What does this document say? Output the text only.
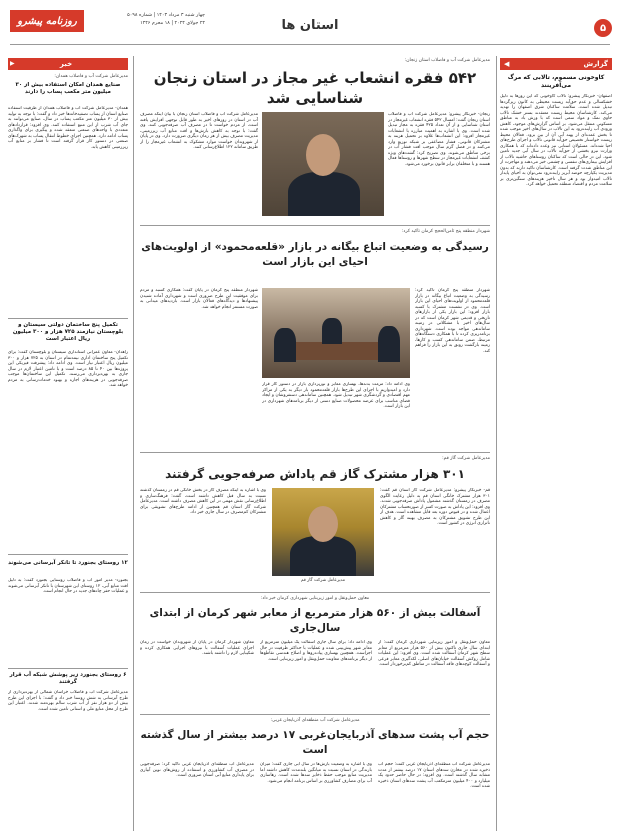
۵
استان ها
روزنامه پیشرو	چهار شنبه ۳ مرداد ۱۴۰۳ | شماره ۵۰۹۸
۲۴ جولای ۲۰۲۴ | ۱۸ محرم ۱۴۴۶
گزارش
◀
کاوخونی مسموم، تالابی که مرگ می‌آفرینند
اصفهان- خبرنگار پیشرو: تالاب گاوخونی که این روزها به دلیل خشکسالی و عدم حق‌آبه زیست محیطی به کانون ریزگردها تبدیل شده است، سلامت ساکنان شرق اصفهان را تهدید می‌کند. کارشناسان محیط زیست معتقدند بستر خشک تالاب حاوی نمک و مواد سمی است که با وزش باد به مناطق مسکونی منتقل می‌شود. بر اساس گزارش‌های موجود، کاهش ورودی آب زاینده‌رود به این تالاب در سال‌های اخیر موجب شده تا بخش عمده‌ای از پهنه آبی آن از بین برود. فعالان محیط زیست خواستار تخصیص حق‌آبه قانونی تالاب و اجرای طرح‌های احیا شده‌اند. مسئولان استانی نیز وعده داده‌اند که با همکاری وزارت نیرو بخشی از حق‌آبه تالاب در سال آبی جدید تامین شود. این در حالی است که ساکنان روستاهای حاشیه تالاب از افزایش بیماری‌های تنفسی و چشمی خبر می‌دهند و مهاجرت از این مناطق شدت گرفته است. کارشناسان تاکید دارند که بدون مدیریت یکپارچه حوضه آبریز زاینده‌رود نمی‌توان به احیای پایدار تالاب امیدوار بود و هر سال تاخیر هزینه‌های سنگین‌تری بر سلامت مردم و اقتصاد منطقه تحمیل خواهد کرد.
خبر
▶
مدیرعامل شرکت آب و فاضلاب همدان:
صنایع همدان امکان استفاده بیش از ۳۰ میلیون متر مکعب پساب را دارند
همدان- مدیرعامل شرکت آب و فاضلاب همدان از ظرفیت استفاده صنایع استان از پساب تصفیه‌خانه‌ها خبر داد و گفت: با توجه به تولید بیش از ۳۰ میلیون متر مکعب پساب در سال، صنایع می‌توانند به جای آب شرب از این منبع استفاده کنند. وی افزود: قراردادهای متعددی با واحدهای صنعتی منعقد شده و پیگیری برای واگذاری پساب ادامه دارد. همچنین اجرای خطوط انتقال پساب به شهرک‌های صنعتی در دستور کار قرار گرفته است تا فشار بر منابع آب زیرزمینی کاهش یابد.
تکمیل پنج ساختمان دولتی سیستان و بلوچستان نیازمند ۷۲۵ هزار و ۳۰۰ میلیون ریال اعتبار است
زاهدان- معاون عمرانی استانداری سیستان و بلوچستان گفت: برای تکمیل پنج ساختمان اداری نیمه‌تمام در استان به ۷۲۵ هزار و ۳۰۰ میلیون ریال اعتبار نیاز است. وی ادامه داد: پیشرفت فیزیکی این پروژه‌ها بین ۴۰ تا ۸۵ درصد است و با تامین اعتبار لازم در سال جاری به بهره‌برداری می‌رسند. تکمیل این ساختمان‌ها موجب صرفه‌جویی در هزینه‌های اجاره و بهبود خدمات‌رسانی به مردم خواهد شد.
۱۲ روستای بجنورد تا تانکر آبرسانی می‌شوند
بجنورد- مدیر امور آب و فاضلاب روستایی بجنورد گفت: به دلیل افت منابع آبی، ۱۲ روستای این شهرستان با تانکر آبرسانی می‌شوند و عملیات حفر چاه‌های جدید در حال انجام است.
۶ روستای بجنورد زیر پوشش شبکه آب قرار گرفتند
مدیرعامل شرکت آب و فاضلاب خراسان شمالی از بهره‌برداری از طرح آبرسانی به شش روستا خبر داد و گفت: با اجرای این طرح بیش از دو هزار نفر از آب شرب سالم بهره‌مند شدند. اعتبار این طرح از محل منابع ملی و استانی تامین شده است.
مدیرعامل شرکت آب و فاضلاب استان زنجان:
۵۴۲ فقره انشعاب غیر مجاز در استان زنجان شناسایی شد
زنجان- خبرنگار پیشرو: مدیرعامل شرکت آب و فاضلاب استان زنجان گفت: امسال ۵۴۲ فقره انشعاب غیرمجاز در استان شناسایی و از آن تعداد ۴۲۵ فقره به مجاز تبدیل شده است. وی با اشاره به اهمیت مبارزه با انشعابات غیرمجاز افزود: این انشعاب‌ها علاوه بر تحمیل هزینه به مشترکان قانونی، فشار مضاعفی بر شبکه توزیع وارد می‌کنند و در فصل گرم سال موجب افت فشار آب در برخی مناطق می‌شوند. وی تصریح کرد: گشت‌های ویژه کشف انشعابات غیرمجاز در سطح شهرها و روستاها فعال هستند و با متخلفان برابر قانون برخورد می‌شود.
مدیرعامل شرکت آب و فاضلاب استان زنجان با بیان اینکه مصرف آب در استان در روزهای اخیر به طور قابل توجهی افزایش یافته است، از مردم خواست تا در مصرف آب صرفه‌جویی کنند. وی گفت: با توجه به کاهش بارش‌ها و افت منابع آب زیرزمینی، مدیریت مصرف بیش از هر زمان دیگری ضرورت دارد. وی در پایان از شهروندان خواست موارد مشکوک به انشعاب غیرمجاز را از طریق سامانه ۱۲۲ اطلاع‌رسانی کنند.
شهردار منطقه پنج ثامن‌الحجج کرمان تاکید کرد:
رسیدگی به وضعیت اتباع بیگانه در بازار «قلعه‌محمود» از اولویت‌های احیای این بازار است
شهردار منطقه پنج کرمان تاکید کرد: رسیدگی به وضعیت اتباع بیگانه در بازار قلعه‌محمود از اولویت‌های احیای این بازار است. وی در نشست مشترک با کسبه بازار افزود: این بازار یکی از بازارهای تاریخی و قدیمی شهر کرمان است که در سال‌های اخیر با مشکلاتی در زمینه ساماندهی مواجه بوده است. شهرداری برنامه‌ریزی کرده تا با همکاری دستگاه‌های مرتبط، ضمن ساماندهی کسب و کارها، زمینه بازگشت رونق به این بازار را فراهم کند.
وی ادامه داد: مرمت بدنه‌ها، بهسازی معابر و نورپردازی بازار در دستور کار قرار دارد و امیدواریم با اجرای این طرح‌ها بازار قلعه‌محمود بار دیگر به یکی از مراکز مهم اقتصادی و گردشگری شهر تبدیل شود. همچنین ساماندهی دستفروشان و ایجاد فضای مناسب برای عرضه محصولات صنایع دستی از دیگر برنامه‌های شهرداری در این بازار است.
شهردار منطقه پنج کرمان در پایان گفت: همکاری کسبه و مردم برای موفقیت این طرح ضروری است و شهرداری آماده شنیدن پیشنهادها و دیدگاه‌های فعالان بازار است. بازدیدهای میدانی به صورت مستمر انجام خواهد شد.
مدیرعامل شرکت گاز قم:
۳۰۱ هزار مشترک گاز قم پاداش صرفه‌جویی گرفتند
قم- خبرنگار پیشرو: مدیرعامل شرکت گاز استان قم گفت: ۳۰۱ هزار مشترک خانگی استان قم به دلیل رعایت الگوی مصرف در زمستان گذشته مشمول پاداش صرفه‌جویی شدند. وی افزود: این پاداش به صورت کسر از صورتحساب مشترکان اعمال شده و در قبوض دوره بعد قابل مشاهده است. هدف از این طرح تشویق مشترکان به مصرف بهینه گاز و کاهش ناترازی انرژی در کشور است.
مدیرعامل شرکت گاز قم
وی با اشاره به اینکه مصرف گاز در بخش خانگی قم در زمستان گذشته نسبت به سال قبل کاهش داشته است، گفت: فرهنگ‌سازی و اطلاع‌رسانی نقش مهمی در این کاهش مصرف داشته است. مدیرعامل شرکت گاز استان قم همچنین از ادامه طرح‌های تشویقی برای مشترکان کم‌مصرف در سال جاری خبر داد.
معاون حمل‌ونقل و امور زیربنایی شهرداری کرمان خبر داد:
آسفالت بیش از ۵۶۰ هزار مترمربع از معابر شهر کرمان از ابتدای سال‌جاری
معاون حمل‌ونقل و امور زیربنایی شهرداری کرمان گفت: از ابتدای سال جاری تاکنون بیش از ۵۶۰ هزار مترمربع از معابر سطح شهر کرمان آسفالت شده است. وی افزود: این عملیات شامل روکش آسفالت خیابان‌های اصلی، لکه‌گیری معابر فرعی و آسفالت کوچه‌های فاقد آسفالت در مناطق کم‌برخوردار است.
وی ادامه داد: برای سال جاری آسفالت یک میلیون مترمربع از معابر شهر پیش‌بینی شده و عملیات با حداکثر ظرفیت در حال اجراست. همچنین بهسازی پیاده‌روها و اصلاح هندسی تقاطع‌ها از دیگر برنامه‌های معاونت حمل‌ونقل و امور زیربنایی است.
معاون شهردار کرمان در پایان از شهروندان خواست در زمان اجرای عملیات آسفالت با نیروهای اجرایی همکاری کرده و شکیبایی لازم را داشته باشند.
مدیرعامل شرکت آب منطقه‌ای آذربایجان غربی:
حجم آب پشت سدهای آذربایجان‌غربی ۱۷ درصد بیشتر از سال گذشته است
مدیرعامل شرکت آب منطقه‌ای آذربایجان غربی گفت: حجم آب ذخیره شده در مخازن سدهای استان ۱۷ درصد بیشتر از مدت مشابه سال گذشته است. وی افزود: در حال حاضر حدود یک میلیارد و ۴۰۰ میلیون مترمکعب آب پشت سدهای استان ذخیره شده است.
وی با اشاره به وضعیت بارش‌ها در سال آبی جاری گفت: میزان بارندگی در استان نسبت به میانگین بلندمدت کاهش داشته اما مدیریت منابع موجب حفظ ذخایر سدها شده است. رهاسازی آب برای مصارف کشاورزی بر اساس برنامه انجام می‌شود.
مدیرعامل آب منطقه‌ای آذربایجان غربی تاکید کرد: صرفه‌جویی در مصرف آب کشاورزی و استفاده از روش‌های نوین آبیاری برای پایداری منابع آبی استان ضروری است.
